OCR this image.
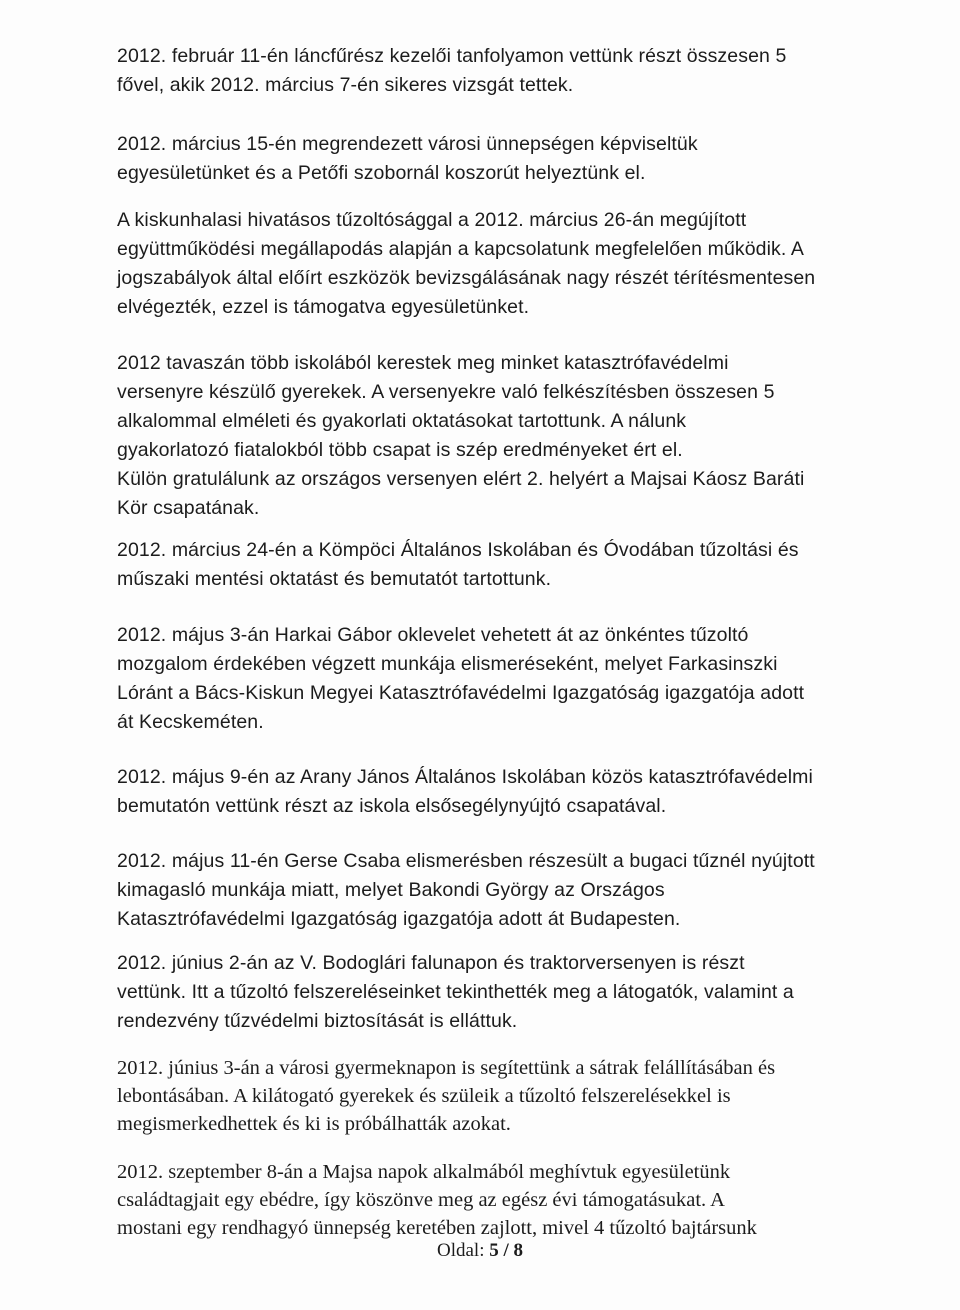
2012. február 11-én láncfűrész kezelői tanfolyamon vettünk részt összesen 5
fővel, akik 2012. március 7-én sikeres vizsgát tettek.
2012. március 15-én megrendezett városi ünnepségen képviseltük
egyesületünket és a Petőfi szobornál koszorút helyeztünk el.
A kiskunhalasi hivatásos tűzoltósággal a 2012. március 26-án megújított
együttműködési megállapodás alapján a kapcsolatunk megfelelően működik. A
jogszabályok által előírt eszközök bevizsgálásának nagy részét térítésmentesen
elvégezték, ezzel is támogatva egyesületünket.
2012 tavaszán több iskolából kerestek meg minket katasztrófavédelmi
versenyre készülő gyerekek. A versenyekre való felkészítésben összesen 5
alkalommal elméleti és gyakorlati oktatásokat tartottunk. A nálunk
gyakorlatozó fiatalokból több csapat is szép eredményeket ért el.
Külön gratulálunk az országos versenyen elért 2. helyért a Majsai Káosz Baráti
Kör csapatának.
2012. március 24-én a Kömpöci Általános Iskolában és Óvodában tűzoltási és
műszaki mentési oktatást és bemutatót tartottunk.
2012. május 3-án Harkai Gábor oklevelet vehetett át az önkéntes tűzoltó
mozgalom érdekében végzett munkája elismeréseként, melyet Farkasinszki
Lóránt a Bács-Kiskun Megyei Katasztrófavédelmi Igazgatóság igazgatója adott
át Kecskeméten.
2012. május 9-én az Arany János Általános Iskolában közös katasztrófavédelmi
bemutatón vettünk részt az iskola elsősegélynyújtó csapatával.
2012. május 11-én Gerse Csaba elismerésben részesült a bugaci tűznél nyújtott
kimagasló munkája miatt, melyet Bakondi György az Országos
Katasztrófavédelmi Igazgatóság igazgatója adott át Budapesten.
2012. június 2-án az V. Bodoglári falunapon és traktorversenyen is részt
vettünk. Itt a tűzoltó felszereléseinket tekinthették meg a látogatók, valamint a
rendezvény tűzvédelmi biztosítását is elláttuk.
2012. június 3-án a városi gyermeknapon is segítettünk a sátrak felállításában és
lebontásában. A kilátogató gyerekek és szüleik a tűzoltó felszerelésekkel is
megismerkedhettek és ki is próbálhatták azokat.
2012. szeptember 8-án a Majsa napok alkalmából meghívtuk egyesületünk
családtagjait egy ebédre, így köszönve meg az egész évi támogatásukat. A
mostani egy rendhagyó ünnepség keretében zajlott, mivel 4 tűzoltó bajtársunk
Oldal: 5 / 8
